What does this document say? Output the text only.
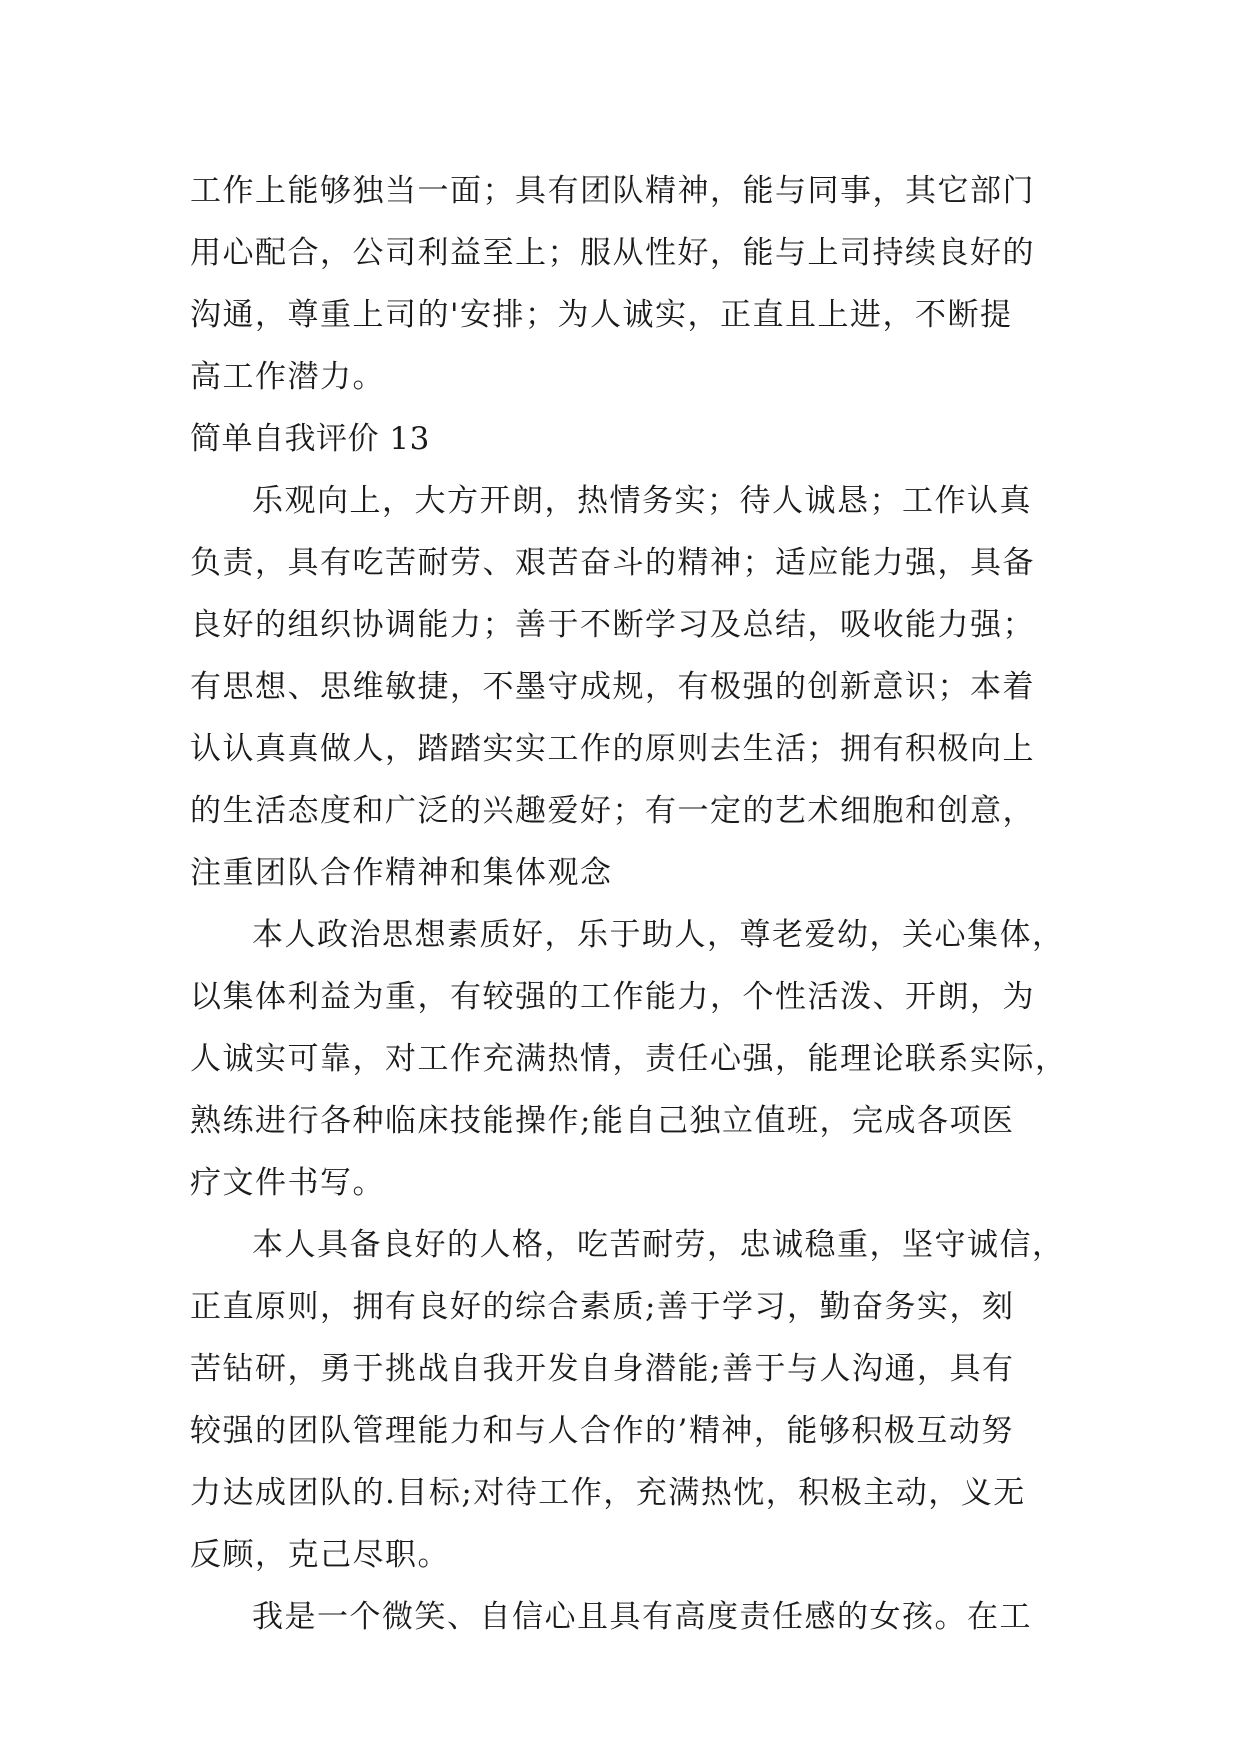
工作上能够独当一面；具有团队精神，能与同事，其它部门
用心配合，公司利益至上；服从性好，能与上司持续良好的
沟通，尊重上司的'安排；为人诚实，正直且上进，不断提
高工作潜力。
简单自我评价 13
乐观向上，大方开朗，热情务实；待人诚恳；工作认真
负责，具有吃苦耐劳、艰苦奋斗的精神；适应能力强，具备
良好的组织协调能力；善于不断学习及总结，吸收能力强；
有思想、思维敏捷，不墨守成规，有极强的创新意识；本着
认认真真做人，踏踏实实工作的原则去生活；拥有积极向上
的生活态度和广泛的兴趣爱好；有一定的艺术细胞和创意，
注重团队合作精神和集体观念
本人政治思想素质好，乐于助人，尊老爱幼，关心集体，
以集体利益为重，有较强的工作能力，个性活泼、开朗，为
人诚实可靠，对工作充满热情，责任心强，能理论联系实际，
熟练进行各种临床技能操作;能自己独立值班，完成各项医
疗文件书写。
本人具备良好的人格，吃苦耐劳，忠诚稳重，坚守诚信，
正直原则，拥有良好的综合素质;善于学习，勤奋务实，刻
苦钻研，勇于挑战自我开发自身潜能;善于与人沟通，具有
较强的团队管理能力和与人合作的’精神，能够积极互动努
力达成团队的.目标;对待工作，充满热忱，积极主动，义无
反顾，克己尽职。
我是一个微笑、自信心且具有高度责任感的女孩。在工
